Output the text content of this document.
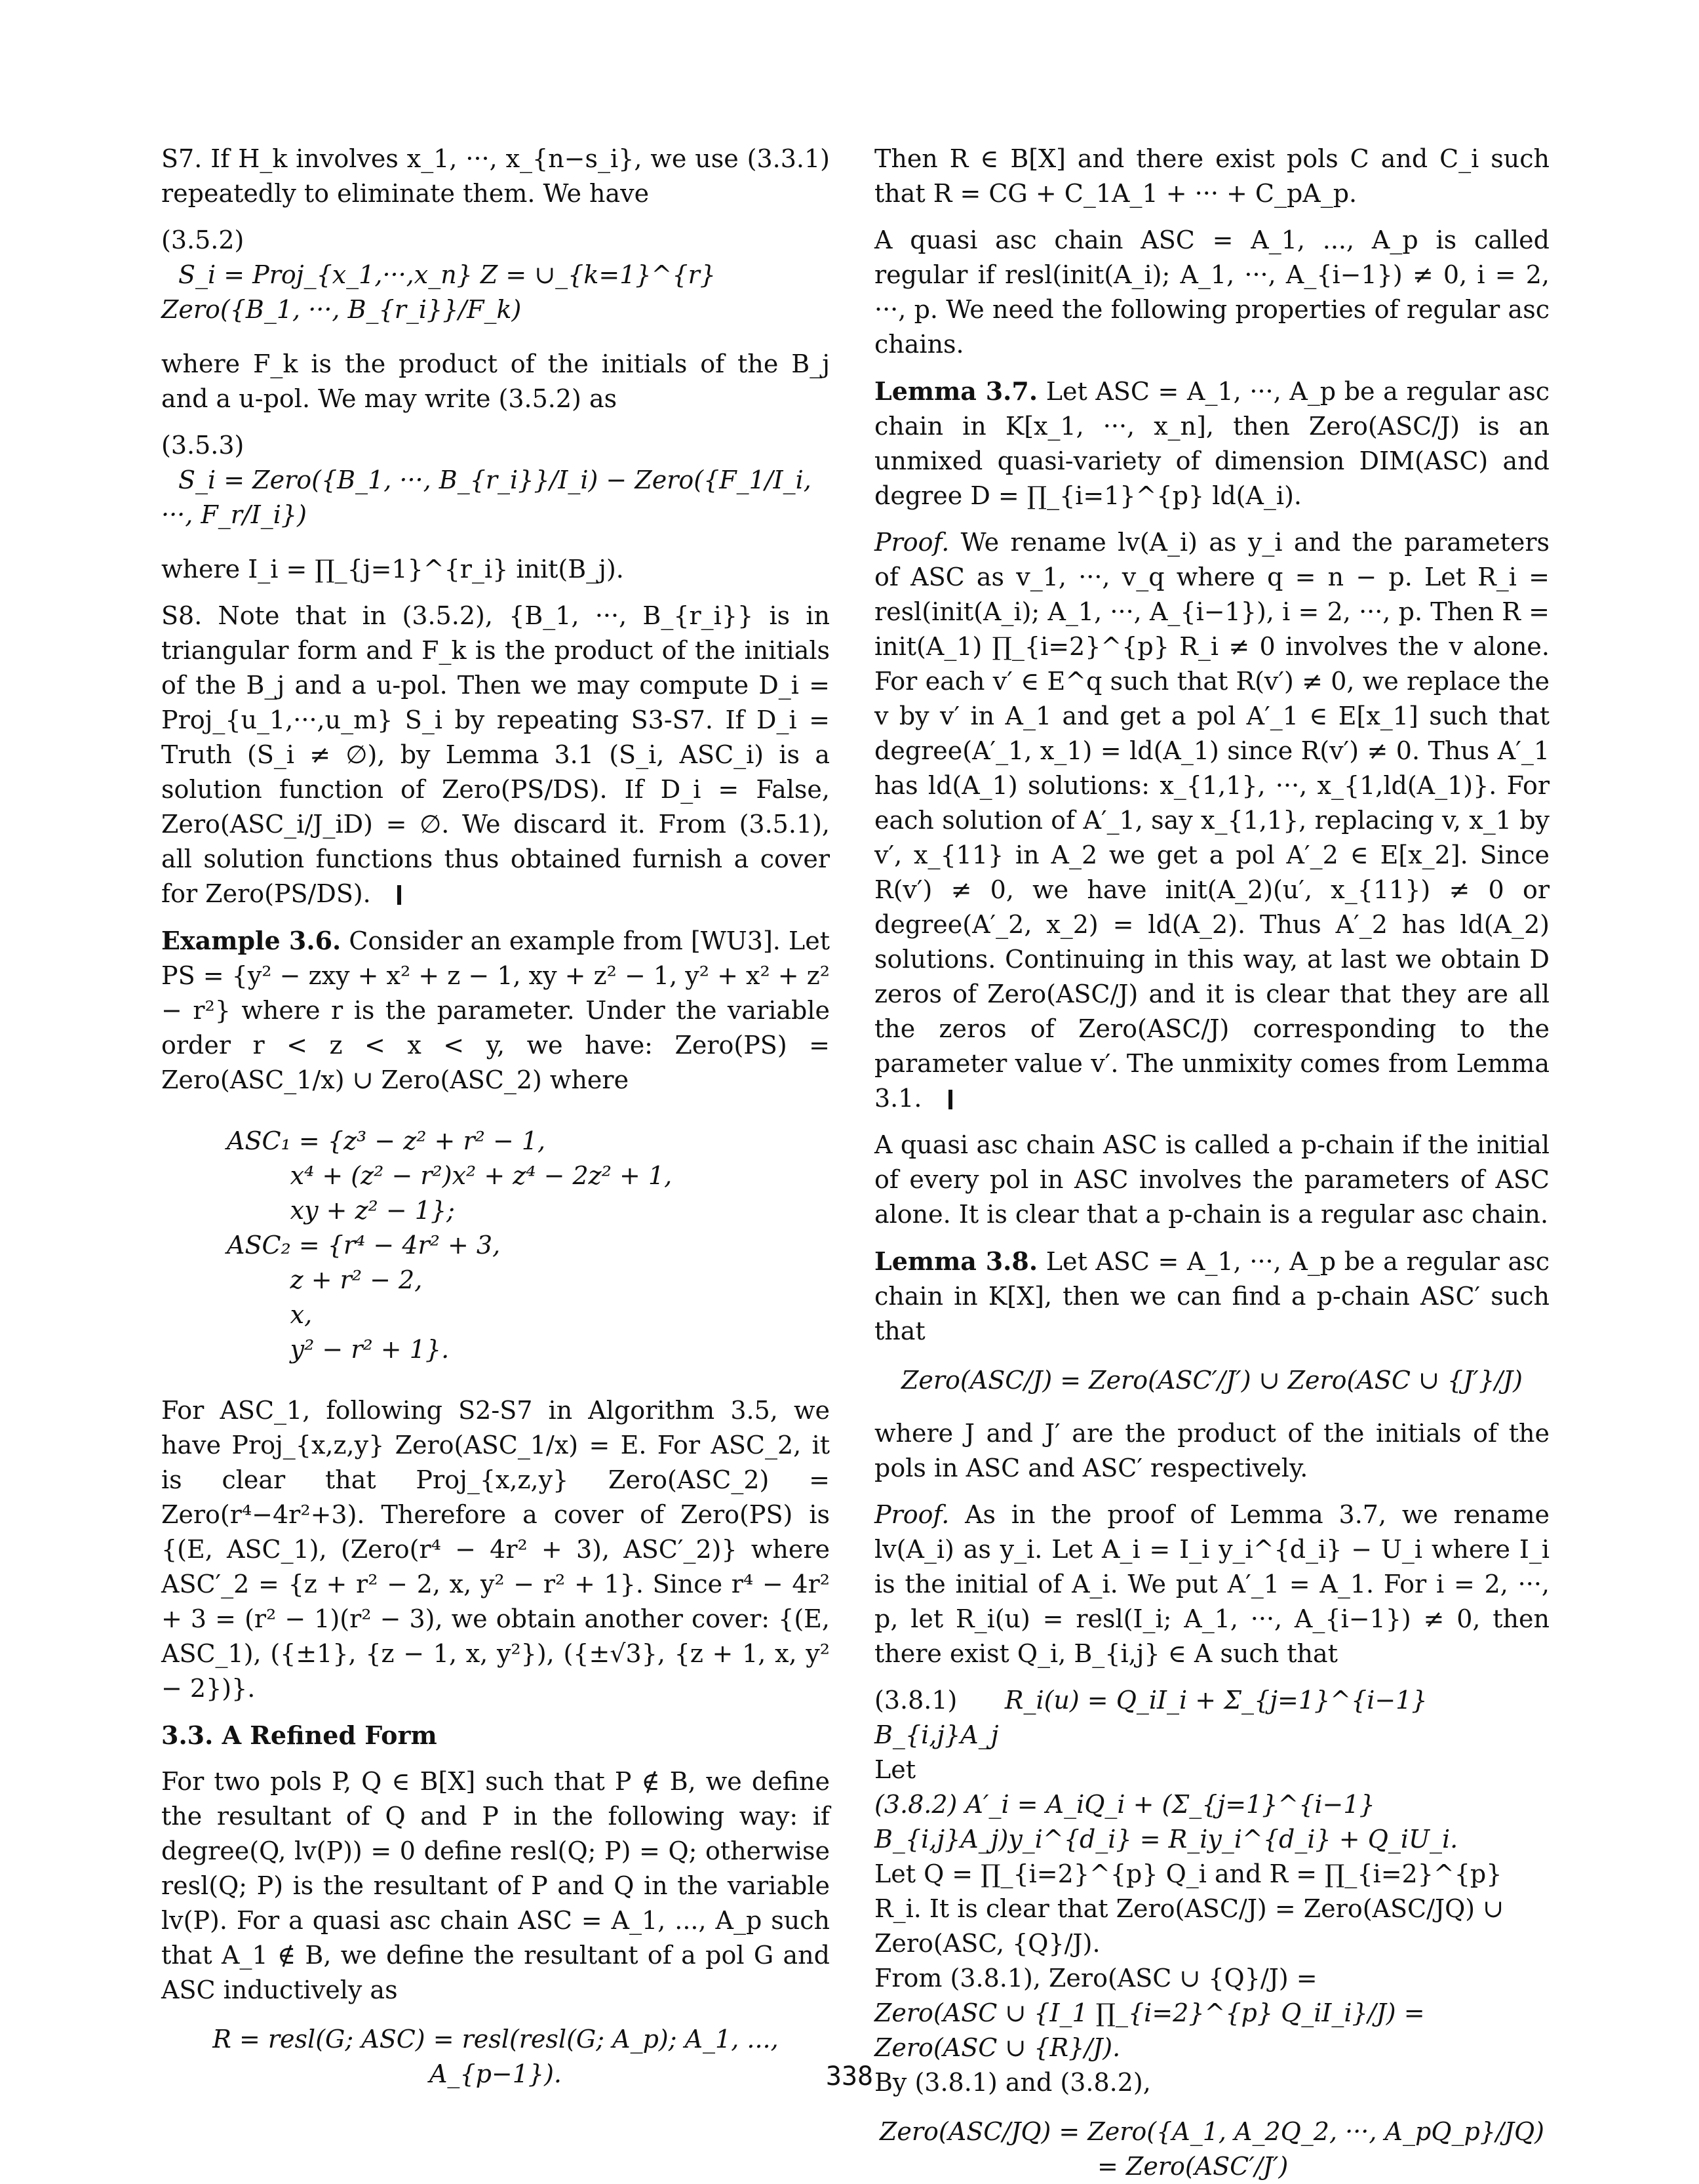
S7. If H_k involves x_1, ···, x_{n−s_i}, we use (3.3.1) repeatedly to eliminate them. We have

(3.5.2)
S_i = Proj_{x_1,···,x_n} Z = ∪_{k=1}^{r} Zero({B_1, ···, B_{r_i}}/F_k)

where F_k is the product of the initials of the B_j and a u-pol. We may write (3.5.2) as

(3.5.3)
S_i = Zero({B_1, ···, B_{r_i}}/I_i) − Zero({F_1/I_i, ···, F_r/I_i})

where I_i = ∏_{j=1}^{r_i} init(B_j).

S8. Note that in (3.5.2), {B_1, ···, B_{r_i}} is in triangular form and F_k is the product of the initials of the B_j and a u-pol. Then we may compute D_i = Proj_{u_1,···,u_m} S_i by repeating S3-S7. If D_i = Truth (S_i ≠ ∅), by Lemma 3.1 (S_i, ASC_i) is a solution function of Zero(PS/DS). If D_i = False, Zero(ASC_i/J_iD) = ∅. We discard it. From (3.5.1), all solution functions thus obtained furnish a cover for Zero(PS/DS).

Example 3.6. Consider an example from [WU3]. Let PS = {y² − zxy + x² + z − 1, xy + z² − 1, y² + x² + z² − r²} where r is the parameter. Under the variable order r < z < x < y, we have: Zero(PS) = Zero(ASC_1/x) ∪ Zero(ASC_2) where

ASC₁ = {z³ − z² + r² − 1,
x⁴ + (z² − r²)x² + z⁴ − 2z² + 1,
xy + z² − 1};
ASC₂ = {r⁴ − 4r² + 3,
z + r² − 2,
x,
y² − r² + 1}.

For ASC_1, following S2-S7 in Algorithm 3.5, we have Proj_{x,z,y} Zero(ASC_1/x) = E. For ASC_2, it is clear that Proj_{x,z,y} Zero(ASC_2) = Zero(r⁴−4r²+3). Therefore a cover of Zero(PS) is {(E, ASC_1), (Zero(r⁴ − 4r² + 3), ASC′_2)} where ASC′_2 = {z + r² − 2, x, y² − r² + 1}. Since r⁴ − 4r² + 3 = (r² − 1)(r² − 3), we obtain another cover: {(E, ASC_1), ({±1}, {z − 1, x, y²}), ({±√3}, {z + 1, x, y² − 2})}.

3.3. A Refined Form

For two pols P, Q ∈ B[X] such that P ∉ B, we define the resultant of Q and P in the following way: if degree(Q, lv(P)) = 0 define resl(Q; P) = Q; otherwise resl(Q; P) is the resultant of P and Q in the variable lv(P). For a quasi asc chain ASC = A_1, ..., A_p such that A_1 ∉ B, we define the resultant of a pol G and ASC inductively as

R = resl(G; ASC) = resl(resl(G; A_p); A_1, ..., A_{p−1}).

Then R ∈ B[X] and there exist pols C and C_i such that R = CG + C_1A_1 + ··· + C_pA_p.

A quasi asc chain ASC = A_1, ..., A_p is called regular if resl(init(A_i); A_1, ···, A_{i−1}) ≠ 0, i = 2, ···, p. We need the following properties of regular asc chains.

Lemma 3.7. Let ASC = A_1, ···, A_p be a regular asc chain in K[x_1, ···, x_n], then Zero(ASC/J) is an unmixed quasi-variety of dimension DIM(ASC) and degree D = ∏_{i=1}^{p} ld(A_i).

Proof. We rename lv(A_i) as y_i and the parameters of ASC as v_1, ···, v_q where q = n − p. Let R_i = resl(init(A_i); A_1, ···, A_{i−1}), i = 2, ···, p. Then R = init(A_1) ∏_{i=2}^{p} R_i ≠ 0 involves the v alone. For each v′ ∈ E^q such that R(v′) ≠ 0, we replace the v by v′ in A_1 and get a pol A′_1 ∈ E[x_1] such that degree(A′_1, x_1) = ld(A_1) since R(v′) ≠ 0. Thus A′_1 has ld(A_1) solutions: x_{1,1}, ···, x_{1,ld(A_1)}. For each solution of A′_1, say x_{1,1}, replacing v, x_1 by v′, x_{11} in A_2 we get a pol A′_2 ∈ E[x_2]. Since R(v′) ≠ 0, we have init(A_2)(u′, x_{11}) ≠ 0 or degree(A′_2, x_2) = ld(A_2). Thus A′_2 has ld(A_2) solutions. Continuing in this way, at last we obtain D zeros of Zero(ASC/J) and it is clear that they are all the zeros of Zero(ASC/J) corresponding to the parameter value v′. The unmixity comes from Lemma 3.1.

A quasi asc chain ASC is called a p-chain if the initial of every pol in ASC involves the parameters of ASC alone. It is clear that a p-chain is a regular asc chain.

Lemma 3.8. Let ASC = A_1, ···, A_p be a regular asc chain in K[X], then we can find a p-chain ASC′ such that

Zero(ASC/J) = Zero(ASC′/J′) ∪ Zero(ASC ∪ {J′}/J)

where J and J′ are the product of the initials of the pols in ASC and ASC′ respectively.

Proof. As in the proof of Lemma 3.7, we rename lv(A_i) as y_i. Let A_i = I_i y_i^{d_i} − U_i where I_i is the initial of A_i. We put A′_1 = A_1. For i = 2, ···, p, let R_i(u) = resl(I_i; A_1, ···, A_{i−1}) ≠ 0, then there exist Q_i, B_{i,j} ∈ A such that

(3.8.1) R_i(u) = Q_iI_i + Σ_{j=1}^{i−1} B_{i,j}A_j
Let
(3.8.2) A′_i = A_iQ_i + (Σ_{j=1}^{i−1} B_{i,j}A_j)y_i^{d_i} = R_iy_i^{d_i} + Q_iU_i.
Let Q = ∏_{i=2}^{p} Q_i and R = ∏_{i=2}^{p} R_i. It is clear that Zero(ASC/J) = Zero(ASC/JQ) ∪ Zero(ASC, {Q}/J).
From (3.8.1), Zero(ASC ∪ {Q}/J) =
Zero(ASC ∪ {I_1 ∏_{i=2}^{p} Q_iI_i}/J) = Zero(ASC ∪ {R}/J).
By (3.8.1) and (3.8.2),
Zero(ASC/JQ) = Zero({A_1, A_2Q_2, ···, A_pQ_p}/JQ)
= Zero(ASC′/J′)
338
